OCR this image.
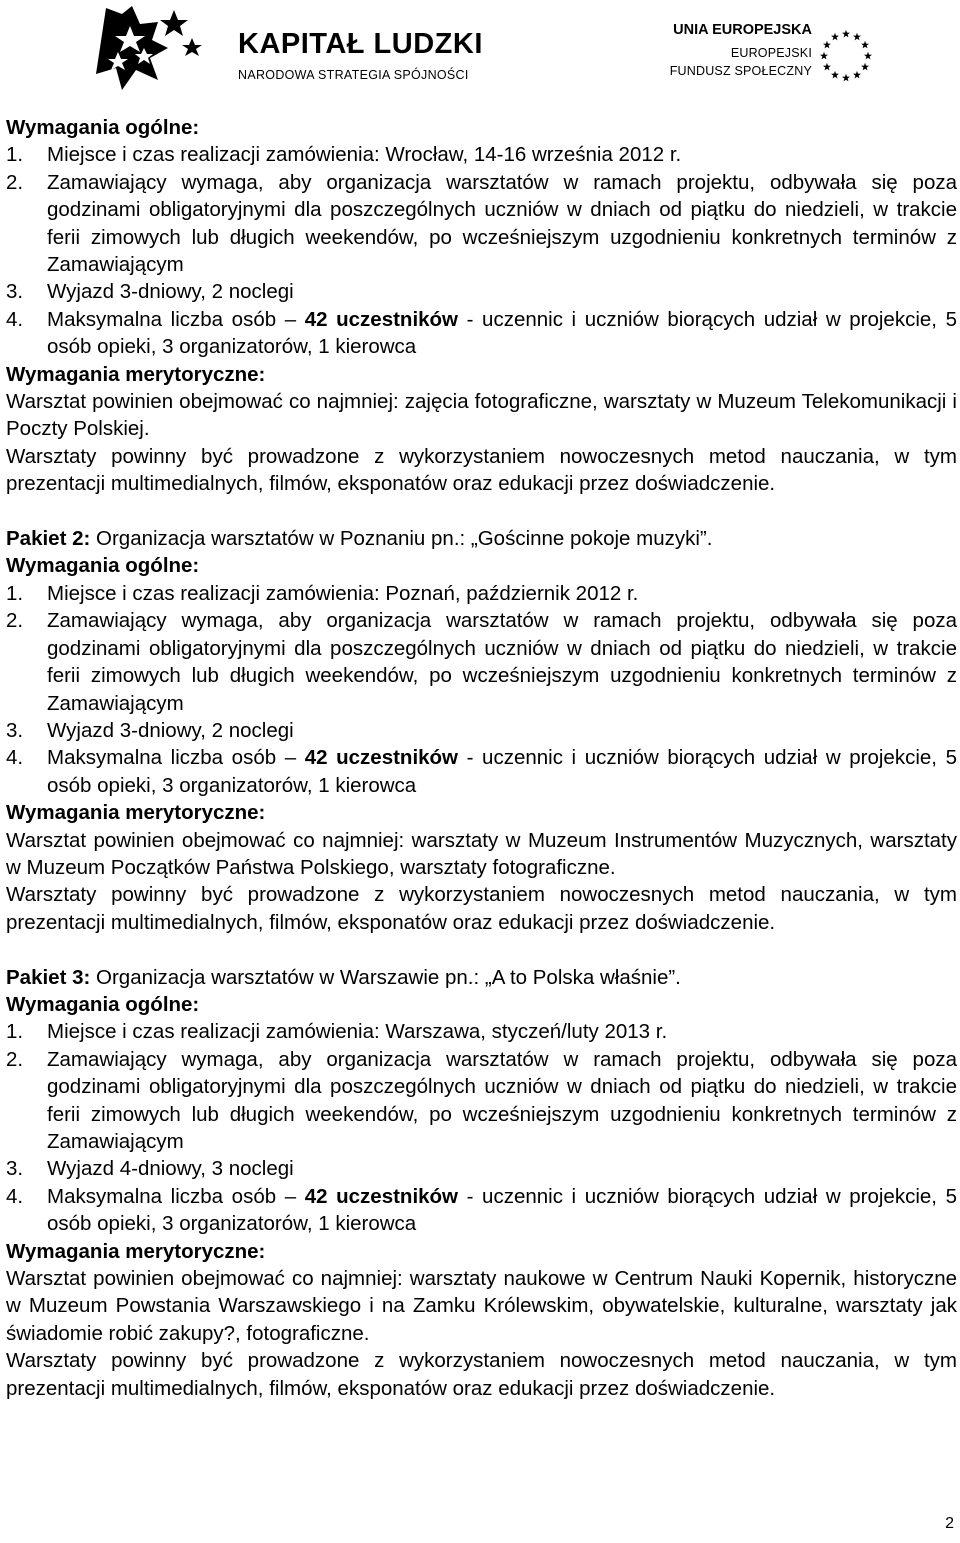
KAPITAŁ LUDZKI
NARODOWA STRATEGIA SPÓJNOŚCI
UNIA EUROPEJSKA
EUROPEJSKI
FUNDUSZ SPOŁECZNY

Wymagania ogólne:

1.	Miejsce i czas realizacji zamówienia: Wrocław, 14-16 września 2012 r.
2.	Zamawiający wymaga, aby organizacja warsztatów w ramach projektu, odbywała się poza godzinami obligatoryjnymi dla poszczególnych uczniów w dniach od piątku do niedzieli, w trakcie ferii zimowych lub długich weekendów, po wcześniejszym uzgodnieniu konkretnych terminów z Zamawiającym
3.	Wyjazd 3-dniowy, 2 noclegi
4.	Maksymalna liczba osób – 42 uczestników - uczennic i uczniów biorących udział w projekcie, 5 osób opieki, 3 organizatorów, 1 kierowca

Wymagania merytoryczne:

Warsztat powinien obejmować co najmniej: zajęcia fotograficzne, warsztaty w Muzeum Telekomunikacji i Poczty Polskiej.

Warsztaty powinny być prowadzone z wykorzystaniem nowoczesnych metod nauczania, w tym prezentacji multimedialnych, filmów, eksponatów oraz edukacji przez doświadczenie.

Pakiet 2: Organizacja warsztatów w Poznaniu pn.: „Gościnne pokoje muzyki”.

Wymagania ogólne:

1.	Miejsce i czas realizacji zamówienia: Poznań, październik 2012 r.
2.	Zamawiający wymaga, aby organizacja warsztatów w ramach projektu, odbywała się poza godzinami obligatoryjnymi dla poszczególnych uczniów w dniach od piątku do niedzieli, w trakcie ferii zimowych lub długich weekendów, po wcześniejszym uzgodnieniu konkretnych terminów z Zamawiającym
3.	Wyjazd 3-dniowy, 2 noclegi
4.	Maksymalna liczba osób – 42 uczestników - uczennic i uczniów biorących udział w projekcie, 5 osób opieki, 3 organizatorów, 1 kierowca

Wymagania merytoryczne:

Warsztat powinien obejmować co najmniej: warsztaty w Muzeum Instrumentów Muzycznych, warsztaty w Muzeum Początków Państwa Polskiego, warsztaty fotograficzne.

Warsztaty powinny być prowadzone z wykorzystaniem nowoczesnych metod nauczania, w tym prezentacji multimedialnych, filmów, eksponatów oraz edukacji przez doświadczenie.

Pakiet 3: Organizacja warsztatów w Warszawie pn.: „A to Polska właśnie”.

Wymagania ogólne:

1.	Miejsce i czas realizacji zamówienia: Warszawa, styczeń/luty 2013 r.
2.	Zamawiający wymaga, aby organizacja warsztatów w ramach projektu, odbywała się poza godzinami obligatoryjnymi dla poszczególnych uczniów w dniach od piątku do niedzieli, w trakcie ferii zimowych lub długich weekendów, po wcześniejszym uzgodnieniu konkretnych terminów z Zamawiającym
3.	Wyjazd 4-dniowy, 3 noclegi
4.	Maksymalna liczba osób – 42 uczestników - uczennic i uczniów biorących udział w projekcie, 5 osób opieki, 3 organizatorów, 1 kierowca

Wymagania merytoryczne:

Warsztat powinien obejmować co najmniej: warsztaty naukowe w Centrum Nauki Kopernik, historyczne w Muzeum Powstania Warszawskiego i na Zamku Królewskim, obywatelskie, kulturalne, warsztaty jak świadomie robić zakupy?, fotograficzne.

Warsztaty powinny być prowadzone z wykorzystaniem nowoczesnych metod nauczania, w tym prezentacji multimedialnych, filmów, eksponatów oraz edukacji przez doświadczenie.

2
